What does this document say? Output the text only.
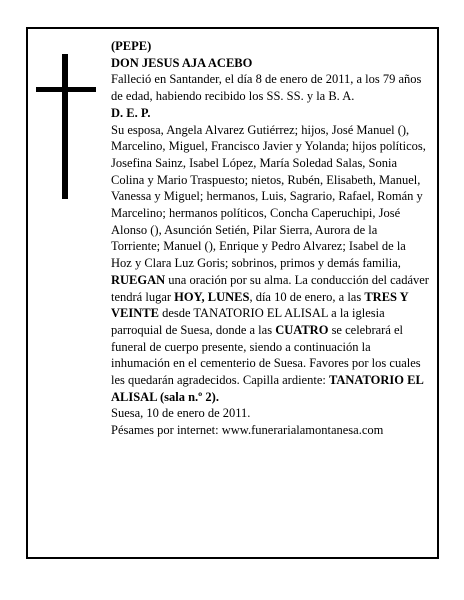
(PEPE)

DON JESUS AJA ACEBO

Falleció en Santander, el día 8 de enero de 2011, a los 79 años de edad, habiendo recibido los SS. SS. y la B. A.

D. E. P.

Su esposa, Angela Alvarez Gutiérrez; hijos, José Manuel (), Marcelino, Miguel, Francisco Javier y Yolanda; hijos políticos, Josefina Sainz, Isabel López, María Soledad Salas, Sonia Colina y Mario Traspuesto; nietos, Rubén, Elisabeth, Manuel, Vanessa y Miguel; hermanos, Luis, Sagrario, Rafael, Román y Marcelino; hermanos políticos, Concha Caperuchipi, José Alonso (), Asunción Setién, Pilar Sierra, Aurora de la Torriente; Manuel (), Enrique y Pedro Alvarez; Isabel de la Hoz y Clara Luz Goris; sobrinos, primos y demás familia,

RUEGAN una oración por su alma. La conducción del cadáver tendrá lugar HOY, LUNES, día 10 de enero, a las TRES Y VEINTE desde TANATORIO EL ALISAL a la iglesia parroquial de Suesa, donde a las CUATRO se celebrará el funeral de cuerpo presente, siendo a continuación la inhumación en el cementerio de Suesa. Favores por los cuales les quedarán agradecidos. Capilla ardiente: TANATORIO EL ALISAL (sala n.º 2).

Suesa, 10 de enero de 2011.

Pésames por internet: www.funerarialamontanesa.com
